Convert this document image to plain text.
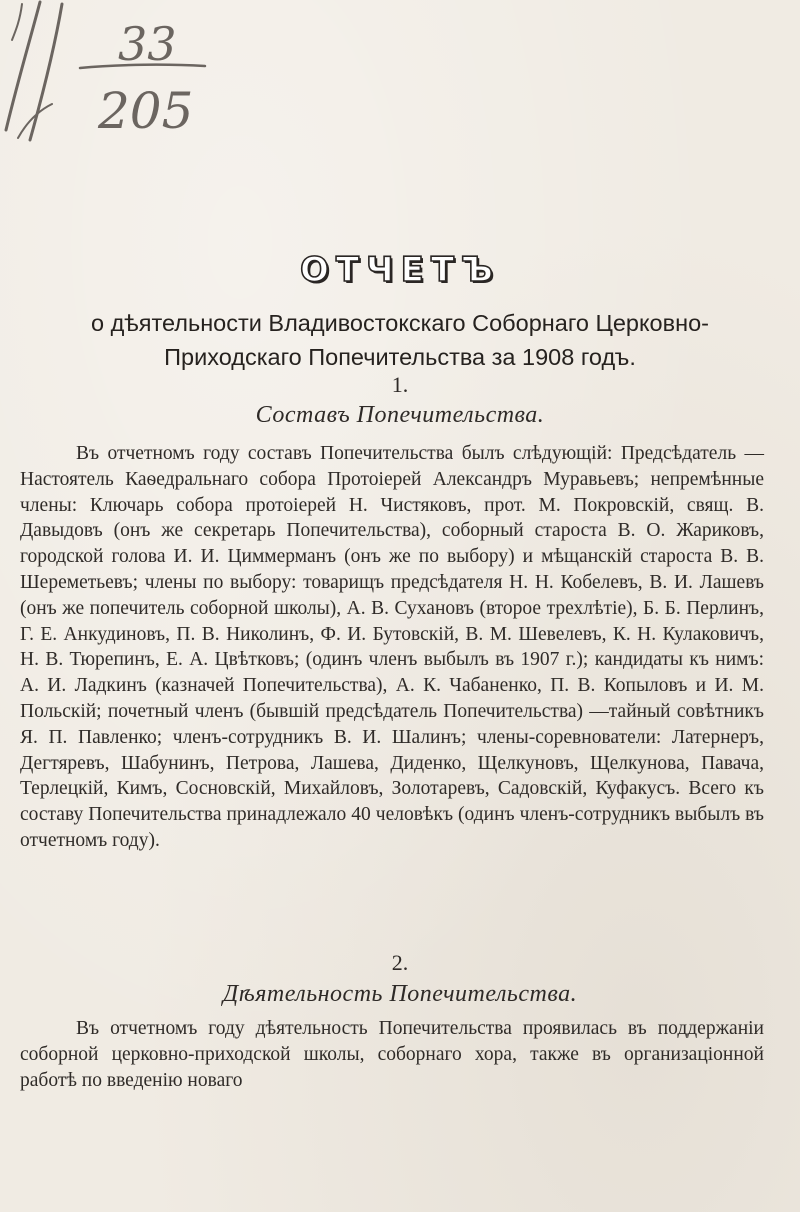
33
205
ОТЧЕТЪ
о дѣятельности Владивостокскаго Соборнаго Церковно-
Приходскаго Попечительства за 1908 годъ.
1.
Составъ Попечительства.

Въ отчетномъ году составъ Попечительства былъ слѣдующій: Предсѣдатель — Настоятель Каѳедральнаго собора Протоіерей Александръ Муравьевъ; непремѣнные члены: Ключарь собора протоіерей Н. Чистяковъ, прот. М. Покровскій, свящ. В. Давыдовъ (онъ же секретарь Попечительства), соборный староста В. О. Жариковъ, городской голова И. И. Циммерманъ (онъ же по выбору) и мѣщанскій староста В. В. Шереметьевъ; члены по выбору: товарищъ предсѣдателя Н. Н. Кобелевъ, В. И. Лашевъ (онъ же попечитель соборной школы), А. В. Сухановъ (второе трехлѣтіе), Б. Б. Перлинъ, Г. Е. Анкудиновъ, П. В. Николинъ, Ф. И. Бутовскій, В. М. Шевелевъ, К. Н. Кулаковичъ, Н. В. Тюрепинъ, Е. А. Цвѣтковъ; (одинъ членъ выбылъ въ 1907 г.); кандидаты къ нимъ: А. И. Ладкинъ (казначей Попечительства), А. К. Чабаненко, П. В. Копыловъ и И. М. Польскій; почетный членъ (бывшій предсѣдатель Попечительства) —тайный совѣтникъ Я. П. Павленко; членъ-сотрудникъ В. И. Шалинъ; члены-соревнователи: Латернеръ, Дегтяревъ, Шабунинъ, Петрова, Лашева, Диденко, Щелкуновъ, Щелкунова, Павача, Терлецкій, Кимъ, Сосновскій, Михайловъ, Золотаревъ, Садовскій, Куфакусъ. Всего къ составу Попечительства принадлежало 40 человѣкъ (одинъ членъ-сотрудникъ выбылъ въ отчетномъ году).

2.
Дѣятельность Попечительства.

Въ отчетномъ году дѣятельность Попечительства проявилась въ поддержаніи соборной церковно-приходской школы, соборнаго хора, также въ организаціонной работѣ по введенію новаго
